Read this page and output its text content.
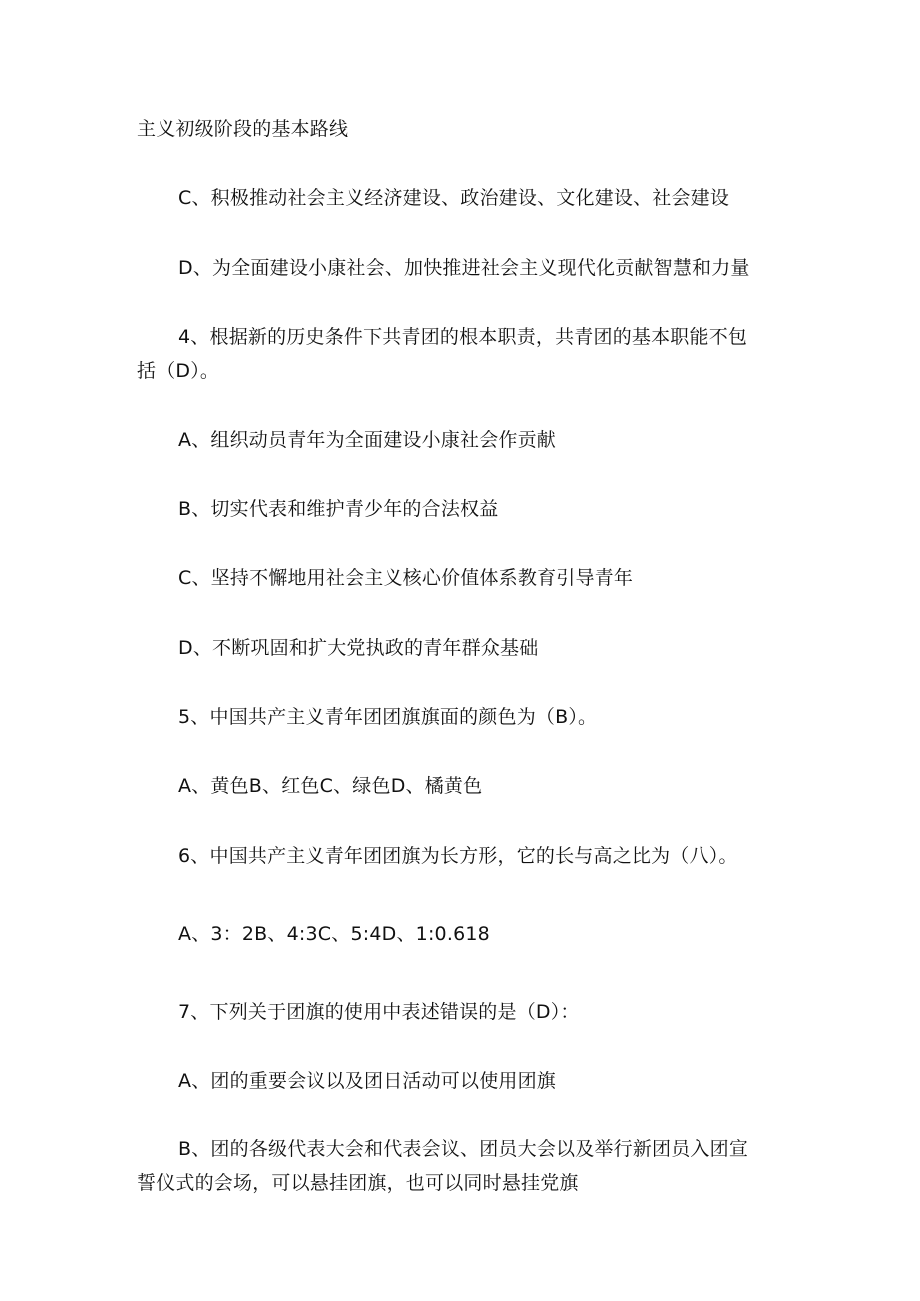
主义初级阶段的基本路线
C、积极推动社会主义经济建设、政治建设、文化建设、社会建设
D、为全面建设小康社会、加快推进社会主义现代化贡献智慧和力量
4、根据新的历史条件下共青团的根本职责，共青团的基本职能不包
括（D）。
A、组织动员青年为全面建设小康社会作贡献
B、切实代表和维护青少年的合法权益
C、坚持不懈地用社会主义核心价值体系教育引导青年
D、不断巩固和扩大党执政的青年群众基础
5、中国共产主义青年团团旗旗面的颜色为（B）。
A、黄色B、红色C、绿色D、橘黄色
6、中国共产主义青年团团旗为长方形，它的长与高之比为（八）。
A、3：2B、4:3C、5:4D、1:0.618
7、下列关于团旗的使用中表述错误的是（D）：
A、团的重要会议以及团日活动可以使用团旗
B、团的各级代表大会和代表会议、团员大会以及举行新团员入团宣
誓仪式的会场，可以悬挂团旗，也可以同时悬挂党旗
